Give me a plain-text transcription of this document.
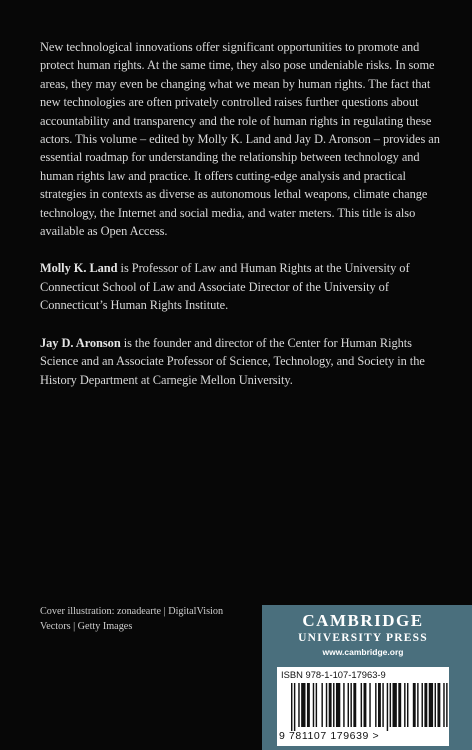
New technological innovations offer significant opportunities to promote and protect human rights. At the same time, they also pose undeniable risks. In some areas, they may even be changing what we mean by human rights. The fact that new technologies are often privately controlled raises further questions about accountability and transparency and the role of human rights in regulating these actors. This volume – edited by Molly K. Land and Jay D. Aronson – provides an essential roadmap for understanding the relationship between technology and human rights law and practice. It offers cutting-edge analysis and practical strategies in contexts as diverse as autonomous lethal weapons, climate change technology, the Internet and social media, and water meters. This title is also available as Open Access.

Molly K. Land is Professor of Law and Human Rights at the University of Connecticut School of Law and Associate Director of the University of Connecticut’s Human Rights Institute.

Jay D. Aronson is the founder and director of the Center for Human Rights Science and an Associate Professor of Science, Technology, and Society in the History Department at Carnegie Mellon University.

Cover illustration: zonadearte | DigitalVision Vectors | Getty Images	CAMBRIDGE
UNIVERSITY PRESS
www.cambridge.org
ISBN 978-1-107-17963-9
9 781107 179639 >
